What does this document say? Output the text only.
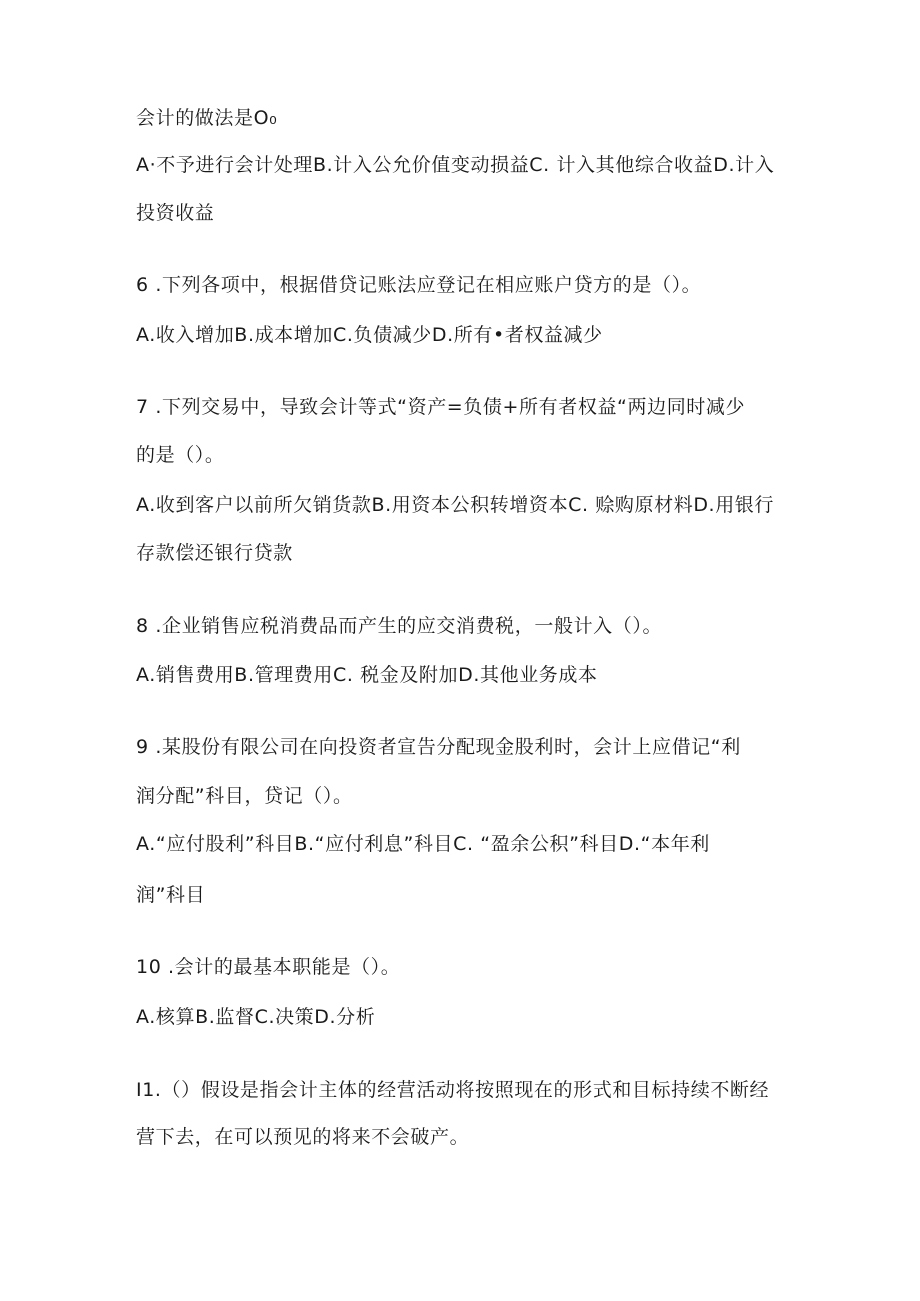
会计的做法是O₀
A·不予进行会计处理B.计入公允价值变动损益C. 计入其他综合收益D.计入
投资收益
6 .下列各项中，根据借贷记账法应登记在相应账户贷方的是（）。
A.收入增加B.成本增加C.负债减少D.所有•者权益减少
7 .下列交易中，导致会计等式“资产=负债+所有者权益“两边同时减少
的是（）。
A.收到客户以前所欠销货款B.用资本公积转增资本C. 赊购原材料D.用银行
存款偿还银行贷款
8 .企业销售应税消费品而产生的应交消费税，一般计入（）。
A.销售费用B.管理费用C. 税金及附加D.其他业务成本
9 .某股份有限公司在向投资者宣告分配现金股利时，会计上应借记“利
润分配”科目，贷记（）。
A.“应付股利”科目B.“应付利息”科目C. “盈余公积”科目D.“本年利
润”科目
10 .会计的最基本职能是（）。
A.核算B.监督C.决策D.分析
I1.（）假设是指会计主体的经营活动将按照现在的形式和目标持续不断经
营下去，在可以预见的将来不会破产。
